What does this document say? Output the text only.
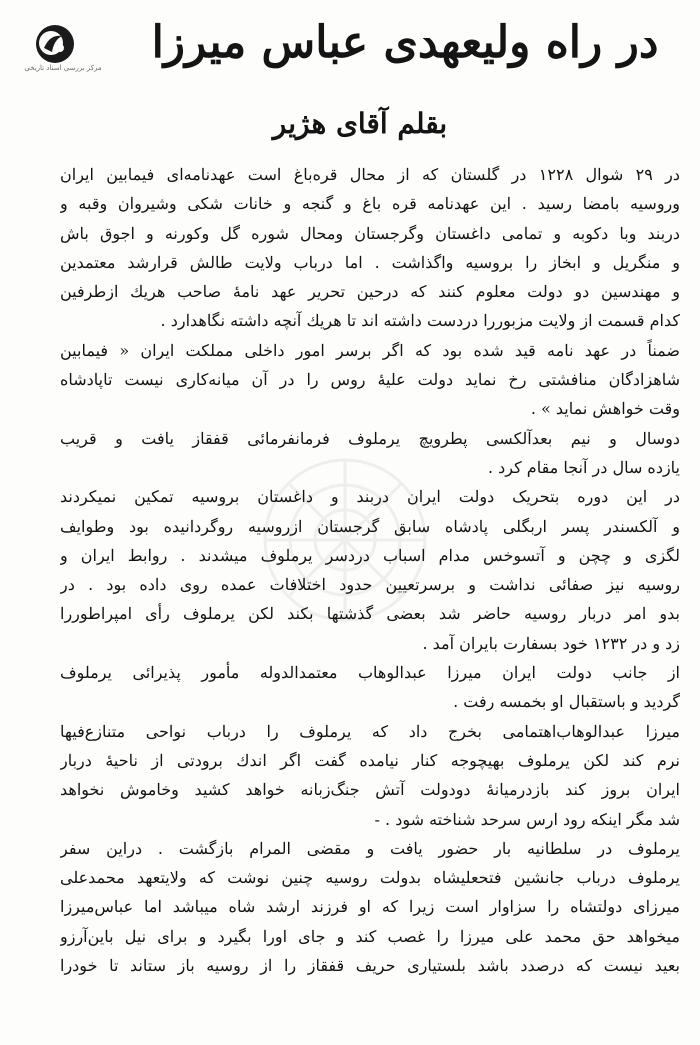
مرکز بررسی اسناد تاریخی	در راه ولیعهدی عباس میرزا
بقلم آقای هژیر
در ۲۹ شوال ۱۲۲۸ در گلستان که از محال قره‌باغ است عهدنامه‌ای فیمابین ایران
وروسیه بامضا رسید . این عهدنامه قره باغ و گنجه و خانات شکی وشیروان وقبه و
دربند وبا دکوبه و تمامی داغستان وگرجستان ومحال شوره گل وکورنه و اجوق باش
و منگریل و ابخاز را بروسیه واگذاشت . اما درباب ولایت طالش قرارشد معتمدین
و مهندسین دو دولت معلوم کنند که درحین تحریر عهد نامهٔ صاحب هریك ازطرفین
کدام قسمت از ولایت مزبوررا دردست داشته اند تا هریك آنچه داشته نگاهدارد .
ضمناً در عهد نامه قید شده بود که اگر برسر امور داخلی مملکت ایران « فیمابین
شاهزادگان منافشتی رخ نماید دولت علیهٔ روس را در آن میانه‌کاری نیست تاپادشاه
وقت خواهش نماید » .
دوسال و نیم بعدآلکسی پطرویچ یرملوف فرمانفرمائی قفقاز یافت و قریب
یازده سال در آنجا مقام کرد .
در این دوره بتحریک دولت ایران دربند و داغستان بروسیه تمکین نمیکردند
و آلکسندر پسر اربگلی پادشاه سابق گرجستان ازروسیه روگردانیده بود وطوایف
لگزی و چچن و آتسوخس مدام اسباب دردسر یرملوف میشدند . روابط ایران و
روسیه نیز صفائی نداشت و برسرتعیین حدود اختلافات عمده روی داده بود . در
بدو امر دربار روسیه حاضر شد بعضی گذشتها بکند لکن یرملوف رأی امپراطوررا
زد و در ۱۲۳۲ خود بسفارت بایران آمد .
از جانب دولت ایران میرزا عبدالوهاب معتمدالدوله مأمور پذیرائی یرملوف
گردید و باستقبال او بخمسه رفت .
میرزا عبدالوهاب‌اهتمامی بخرج داد که یرملوف را درباب نواحی متنازع‌فیها
نرم کند لکن یرملوف بهیچوجه کنار نیامده گفت اگر اندك برودتی از ناحیهٔ دربار
ایران بروز کند بازدرمیانهٔ دودولت آتش جنگ‌زبانه خواهد کشید وخاموش نخواهد
شد مگر اینکه رود ارس سرحد شناخته شود . -
یرملوف در سلطانیه بار حضور یافت و مقضی المرام بازگشت . دراین سفر
یرملوف درباب جانشین فتحعلیشاه بدولت روسیه چنین نوشت که ولایتعهد محمدعلی
میرزای دولتشاه را سزاوار است زیرا که او فرزند ارشد شاه میباشد اما عباس‌میرزا
میخواهد حق محمد علی میرزا را غصب کند و جای اورا بگیرد و برای نیل باین‌آرزو
بعید نیست که درصدد باشد بلستیاری حریف قفقاز را از روسیه باز ستاند تا خودرا
